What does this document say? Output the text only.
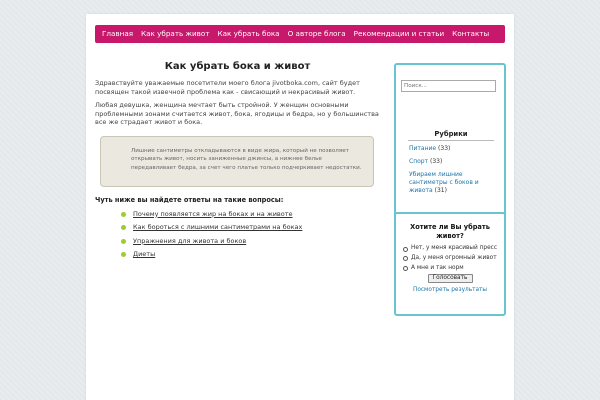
Главная	Как убрать живот	Как убрать бока	О авторе блога	Рекомендации и статьи	Контакты
Как убрать бока и живот

Здравствуйте уважаемые посетители моего блога jivotboka.com, сайт будет посвящен такой извечной проблема как - свисающий и некрасивый живот.

Любая девушка, женщина мечтает быть стройной. У женщин основными проблемными зонами считается живот, бока, ягодицы и бедра, но у большинства все же страдает живот и бока.

Лишние сантиметры откладываются в виде жира, который не позволяет открывать живот, носить заниженные джинсы, а нижнее белье передавливает бедра, за счет чего платье только подчеркивает недостатки.
Чуть ниже вы найдете ответы на такие вопросы:
Почему появляется жир на боках и на животе
Как бороться с лишними сантиметрами на боках
Упражнения для живота и боков
Диеты
Поиск...
Рубрики
Питание (33)
Спорт (33)
Убираем лишние сантиметры с боков и живота (31)
Хотите ли Вы убрать живот?
Нет, у меня красивый пресс
Да, у меня огромный живот
А мне и так норм
Голосовать
Посмотреть результаты
